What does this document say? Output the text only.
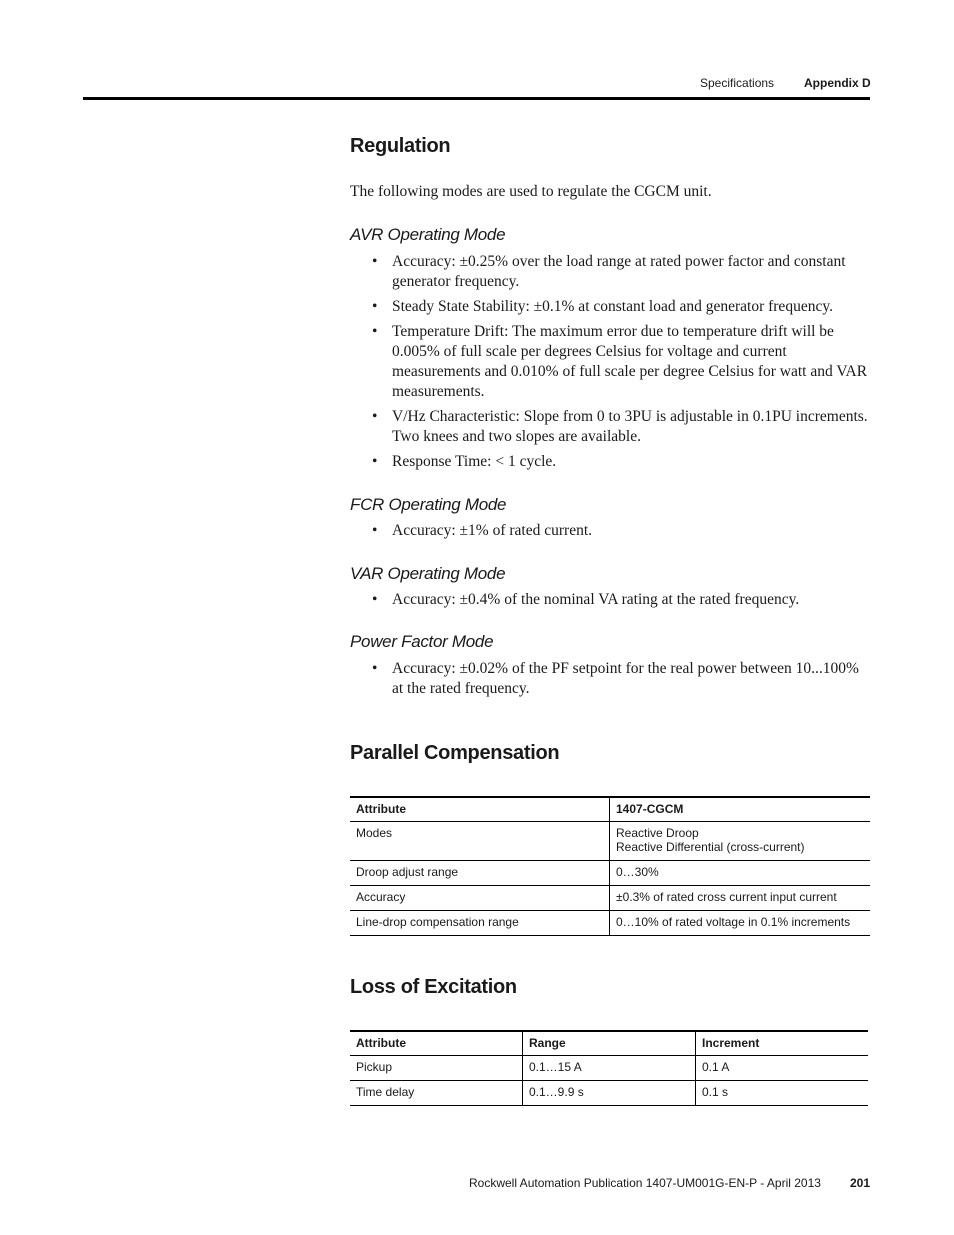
Specifications Appendix D
Regulation

The following modes are used to regulate the CGCM unit.

AVR Operating Mode
• Accuracy: ±0.25% over the load range at rated power factor and constant generator frequency.
• Steady State Stability: ±0.1% at constant load and generator frequency.
• Temperature Drift: The maximum error due to temperature drift will be 0.005% of full scale per degrees Celsius for voltage and current measurements and 0.010% of full scale per degree Celsius for watt and VAR measurements.
• V/Hz Characteristic: Slope from 0 to 3PU is adjustable in 0.1PU increments. Two knees and two slopes are available.
• Response Time: < 1 cycle.
FCR Operating Mode
• Accuracy: ±1% of rated current.
VAR Operating Mode
• Accuracy: ±0.4% of the nominal VA rating at the rated frequency.
Power Factor Mode
• Accuracy: ±0.02% of the PF setpoint for the real power between 10...100% at the rated frequency.
Parallel Compensation
Attribute	1407-CGCM
Modes	Reactive Droop
Reactive Differential (cross-current)

Droop adjust range	0…30%
Accuracy	±0.3% of rated cross current input current
Line-drop compensation range	0…10% of rated voltage in 0.1% increments
Loss of Excitation
Attribute	Range	Increment
Pickup	0.1…15 A	0.1 A
Time delay	0.1…9.9 s	0.1 s
Rockwell Automation Publication 1407-UM001G-EN-P - April 2013 201
